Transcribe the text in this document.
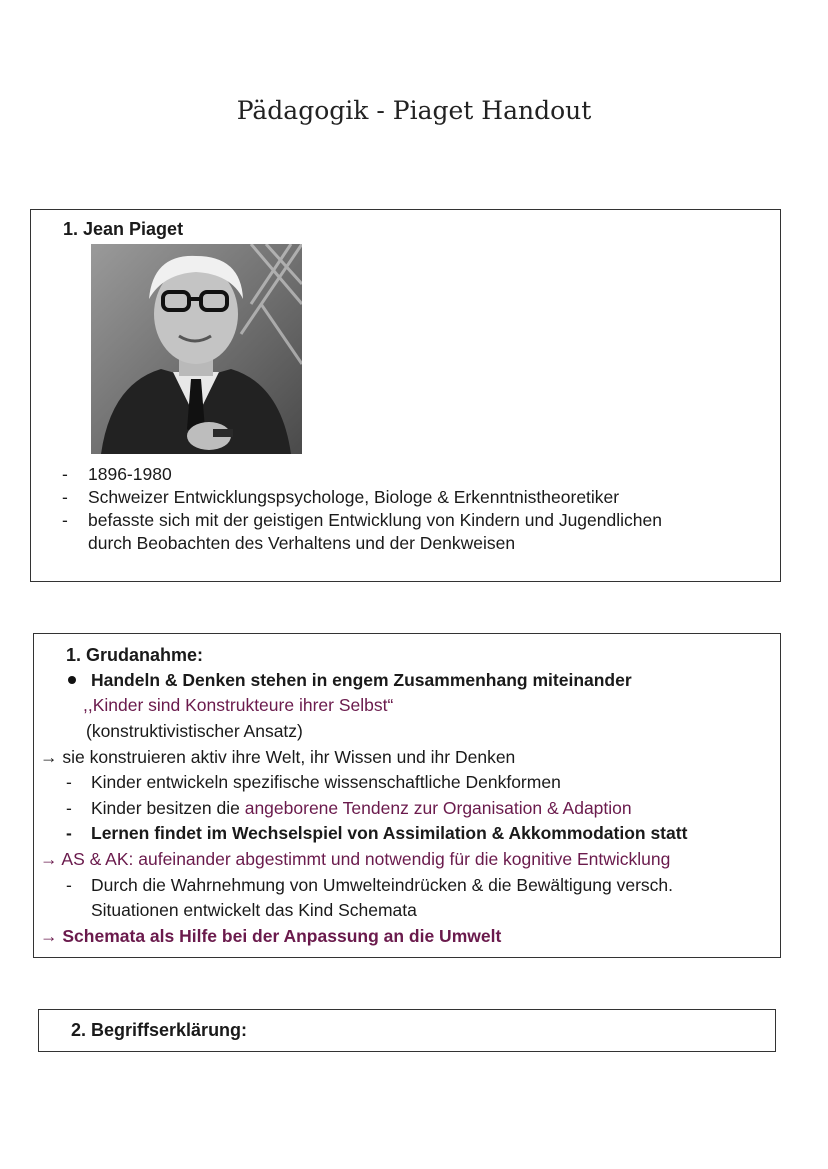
Pädagogik - Piaget Handout
1. Jean Piaget
- 1896-1980
- Schweizer Entwicklungspsychologe, Biologe & Erkenntnistheoretiker
- befasste sich mit der geistigen Entwicklung von Kindern und Jugendlichen
durch Beobachten des Verhaltens und der Denkweisen
1. Grudanahme:
Handeln & Denken stehen in engem Zusammenhang miteinander
,,Kinder sind Konstrukteure ihrer Selbst“
(konstruktivistischer Ansatz)
→ sie konstruieren aktiv ihre Welt, ihr Wissen und ihr Denken
- Kinder entwickeln spezifische wissenschaftliche Denkformen
- Kinder besitzen die angeborene Tendenz zur Organisation & Adaption
- Lernen findet im Wechselspiel von Assimilation & Akkommodation statt
→ AS & AK: aufeinander abgestimmt und notwendig für die kognitive Entwicklung
- Durch die Wahrnehmung von Umwelteindrücken & die Bewältigung versch.
Situationen entwickelt das Kind Schemata
→ Schemata als Hilfe bei der Anpassung an die Umwelt
2. Begriffserklärung:
